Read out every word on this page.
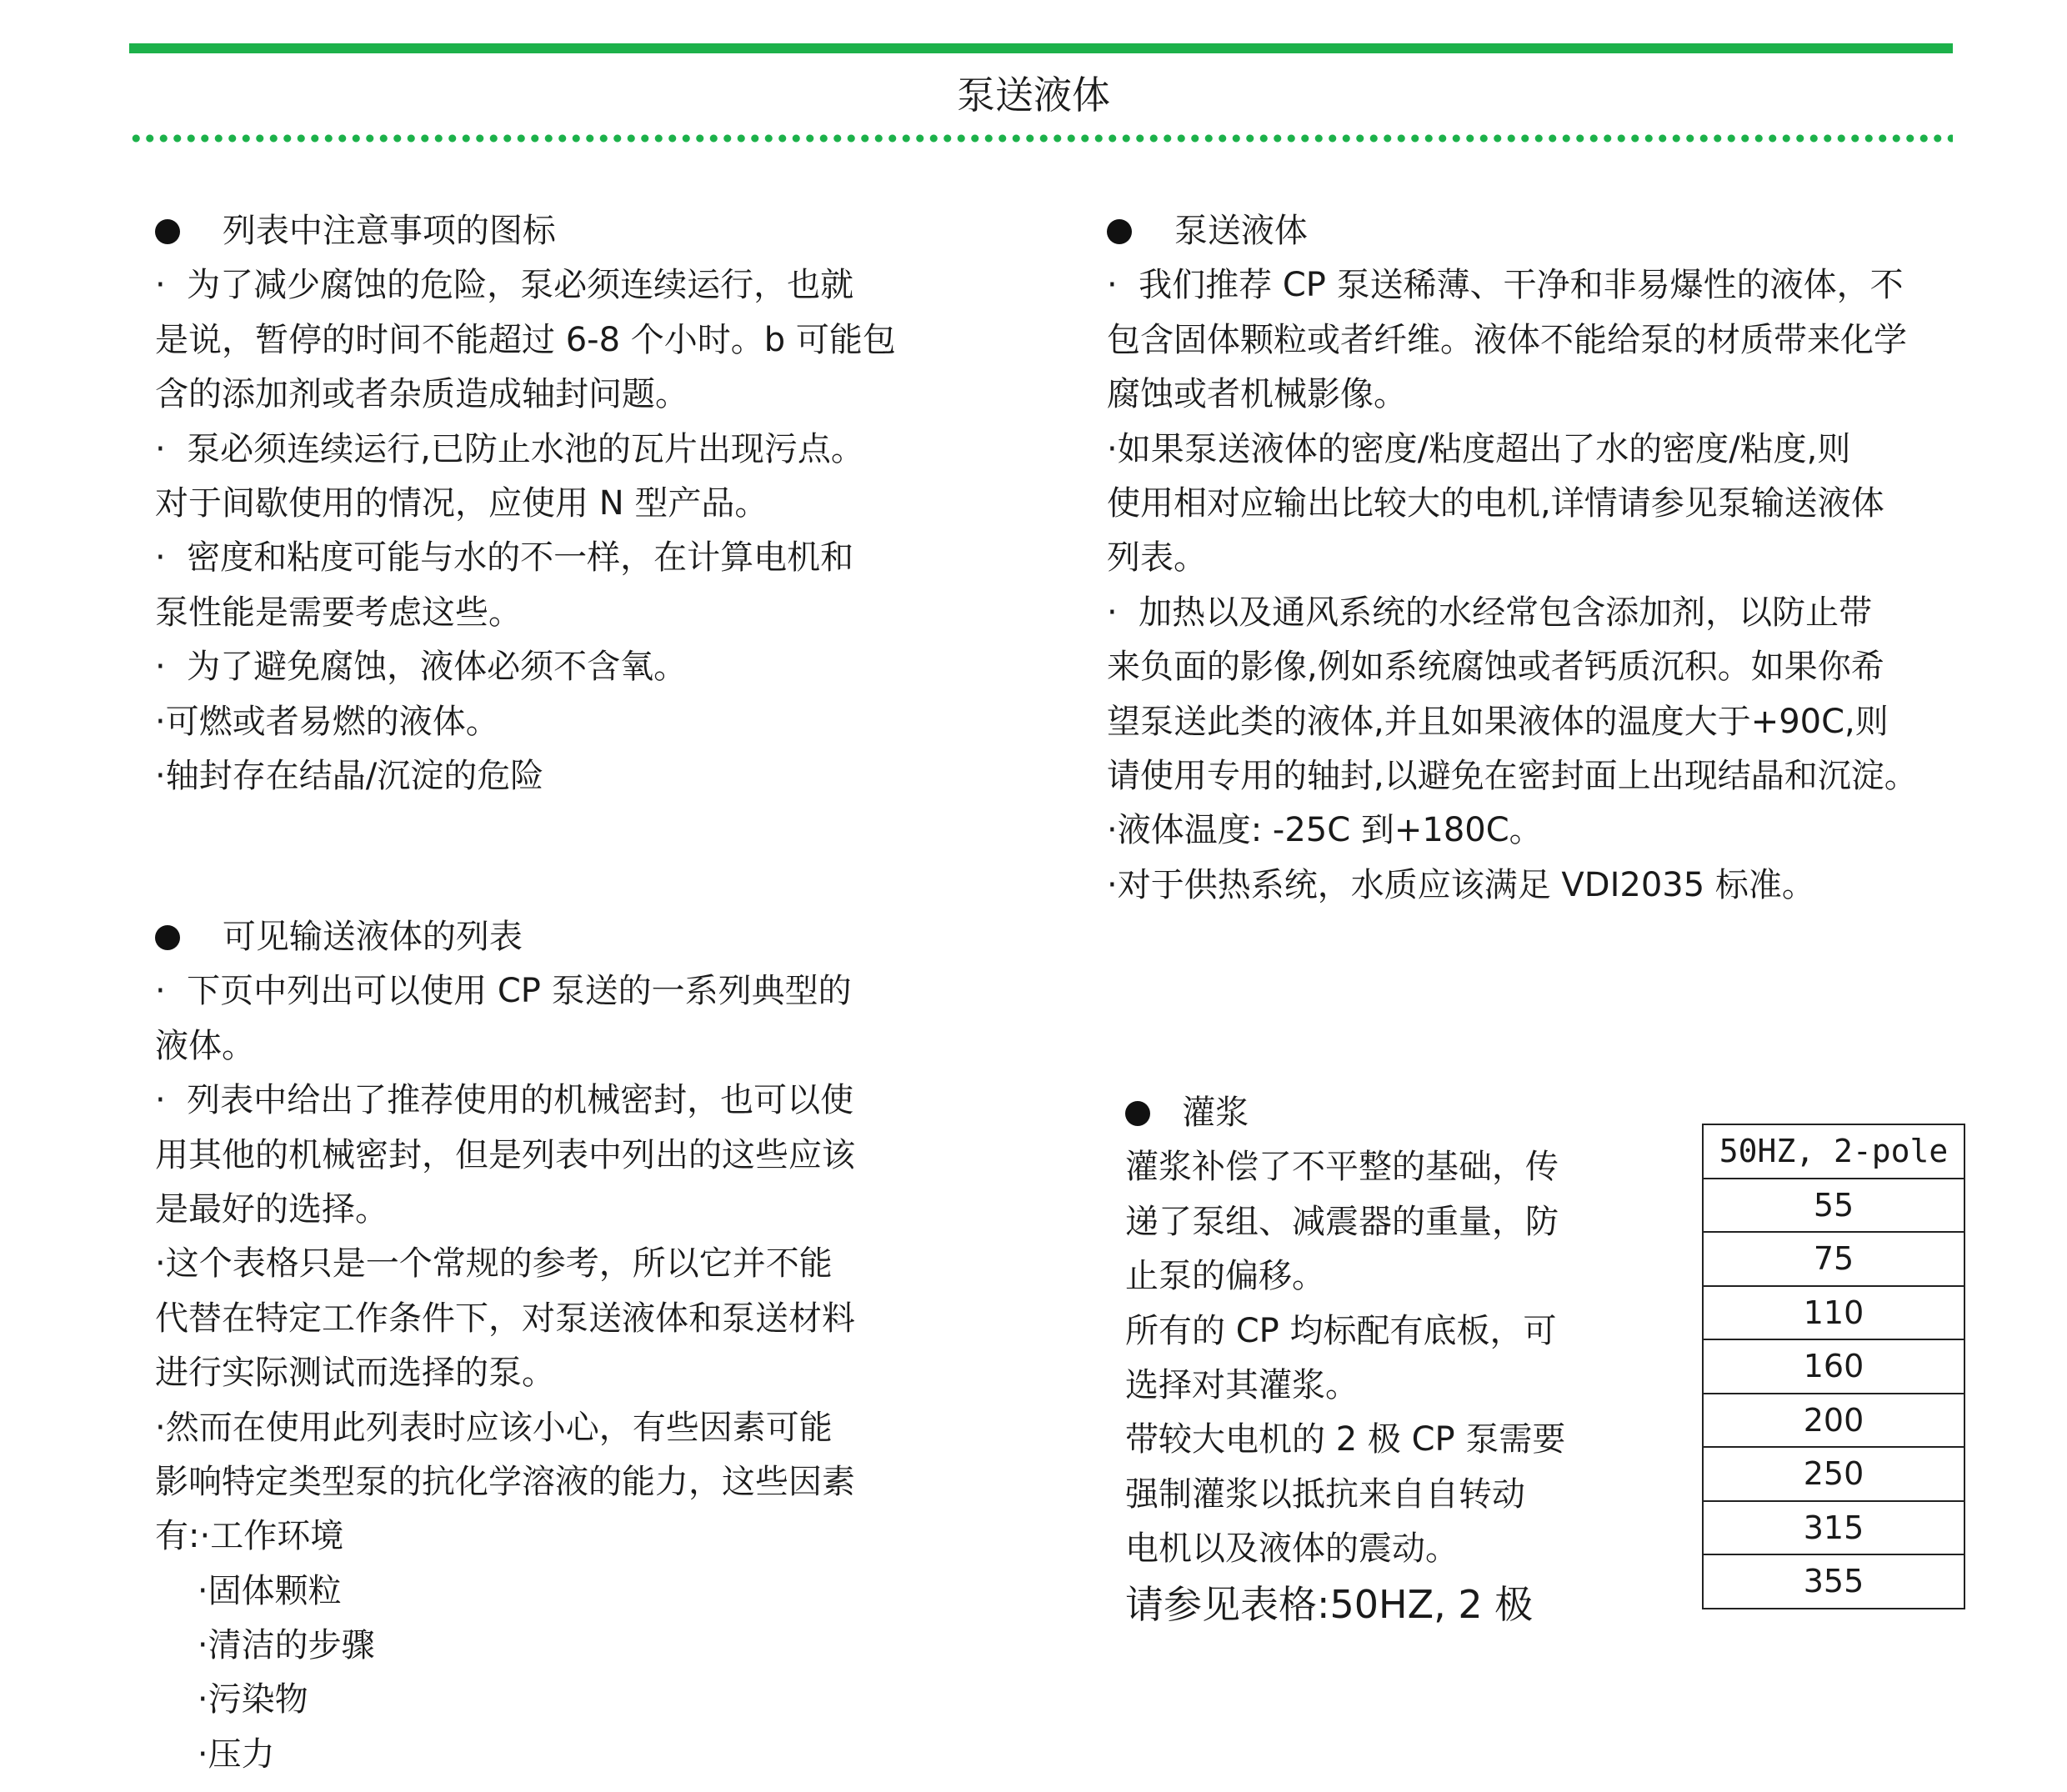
泵送液体

列表中注意事项的图标
·  为了减少腐蚀的危险，泵必须连续运行，也就
是说，暂停的时间不能超过 6-8 个小时。b 可能包
含的添加剂或者杂质造成轴封问题。
·  泵必须连续运行,已防止水池的瓦片出现污点。
对于间歇使用的情况，应使用 N 型产品。
·  密度和粘度可能与水的不一样，在计算电机和
泵性能是需要考虑这些。
·  为了避免腐蚀，液体必须不含氧。
·可燃或者易燃的液体。
·轴封存在结晶/沉淀的危险

可见输送液体的列表
·  下页中列出可以使用 CP 泵送的一系列典型的
液体。
·  列表中给出了推荐使用的机械密封，也可以使
用其他的机械密封，但是列表中列出的这些应该
是最好的选择。
·这个表格只是一个常规的参考，所以它并不能
代替在特定工作条件下，对泵送液体和泵送材料
进行实际测试而选择的泵。
·然而在使用此列表时应该小心，有些因素可能
影响特定类型泵的抗化学溶液的能力，这些因素
有:·工作环境
·固体颗粒
·清洁的步骤
·污染物
·压力

泵送液体
·  我们推荐 CP 泵送稀薄、干净和非易爆性的液体，不
包含固体颗粒或者纤维。液体不能给泵的材质带来化学
腐蚀或者机械影像。
·如果泵送液体的密度/粘度超出了水的密度/粘度,则
使用相对应输出比较大的电机,详情请参见泵输送液体
列表。
·  加热以及通风系统的水经常包含添加剂，以防止带
来负面的影像,例如系统腐蚀或者钙质沉积。如果你希
望泵送此类的液体,并且如果液体的温度大于+90C,则
请使用专用的轴封,以避免在密封面上出现结晶和沉淀。
·液体温度: -25C 到+180C。
·对于供热系统，水质应该满足 VDI2035 标准。

灌浆
灌浆补偿了不平整的基础，传
递了泵组、减震器的重量，防
止泵的偏移。
所有的 CP 均标配有底板，可
选择对其灌浆。
带较大电机的 2 极 CP 泵需要
强制灌浆以抵抗来自自转动
电机以及液体的震动。
请参见表格:50HZ, 2 极
50HZ, 2-pole
55
75
110
160
200
250
315
355
